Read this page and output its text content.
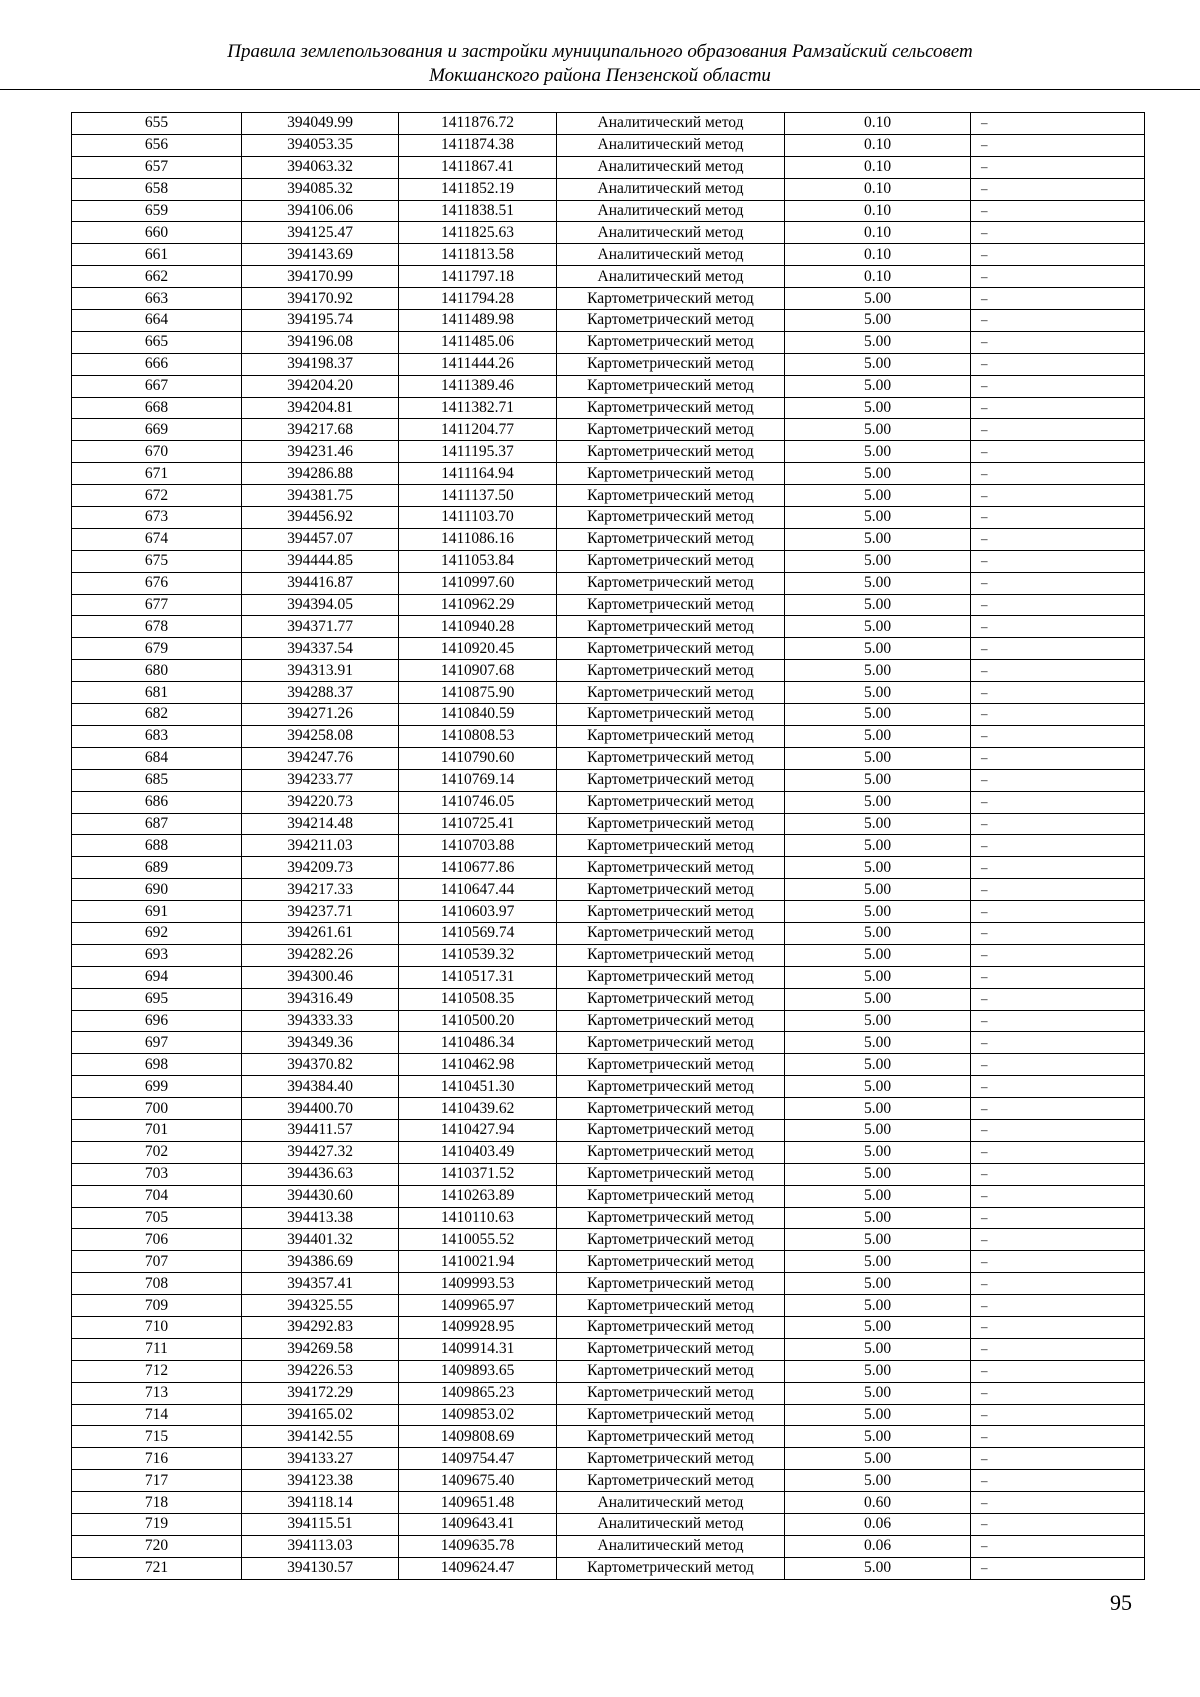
Правила землепользования и застройки муниципального образования Рамзайский сельсовет
Мокшанского района Пензенской области
655	394049.99	1411876.72	Аналитический метод	0.10	–
656	394053.35	1411874.38	Аналитический метод	0.10	–
657	394063.32	1411867.41	Аналитический метод	0.10	–
658	394085.32	1411852.19	Аналитический метод	0.10	–
659	394106.06	1411838.51	Аналитический метод	0.10	–
660	394125.47	1411825.63	Аналитический метод	0.10	–
661	394143.69	1411813.58	Аналитический метод	0.10	–
662	394170.99	1411797.18	Аналитический метод	0.10	–
663	394170.92	1411794.28	Картометрический метод	5.00	–
664	394195.74	1411489.98	Картометрический метод	5.00	–
665	394196.08	1411485.06	Картометрический метод	5.00	–
666	394198.37	1411444.26	Картометрический метод	5.00	–
667	394204.20	1411389.46	Картометрический метод	5.00	–
668	394204.81	1411382.71	Картометрический метод	5.00	–
669	394217.68	1411204.77	Картометрический метод	5.00	–
670	394231.46	1411195.37	Картометрический метод	5.00	–
671	394286.88	1411164.94	Картометрический метод	5.00	–
672	394381.75	1411137.50	Картометрический метод	5.00	–
673	394456.92	1411103.70	Картометрический метод	5.00	–
674	394457.07	1411086.16	Картометрический метод	5.00	–
675	394444.85	1411053.84	Картометрический метод	5.00	–
676	394416.87	1410997.60	Картометрический метод	5.00	–
677	394394.05	1410962.29	Картометрический метод	5.00	–
678	394371.77	1410940.28	Картометрический метод	5.00	–
679	394337.54	1410920.45	Картометрический метод	5.00	–
680	394313.91	1410907.68	Картометрический метод	5.00	–
681	394288.37	1410875.90	Картометрический метод	5.00	–
682	394271.26	1410840.59	Картометрический метод	5.00	–
683	394258.08	1410808.53	Картометрический метод	5.00	–
684	394247.76	1410790.60	Картометрический метод	5.00	–
685	394233.77	1410769.14	Картометрический метод	5.00	–
686	394220.73	1410746.05	Картометрический метод	5.00	–
687	394214.48	1410725.41	Картометрический метод	5.00	–
688	394211.03	1410703.88	Картометрический метод	5.00	–
689	394209.73	1410677.86	Картометрический метод	5.00	–
690	394217.33	1410647.44	Картометрический метод	5.00	–
691	394237.71	1410603.97	Картометрический метод	5.00	–
692	394261.61	1410569.74	Картометрический метод	5.00	–
693	394282.26	1410539.32	Картометрический метод	5.00	–
694	394300.46	1410517.31	Картометрический метод	5.00	–
695	394316.49	1410508.35	Картометрический метод	5.00	–
696	394333.33	1410500.20	Картометрический метод	5.00	–
697	394349.36	1410486.34	Картометрический метод	5.00	–
698	394370.82	1410462.98	Картометрический метод	5.00	–
699	394384.40	1410451.30	Картометрический метод	5.00	–
700	394400.70	1410439.62	Картометрический метод	5.00	–
701	394411.57	1410427.94	Картометрический метод	5.00	–
702	394427.32	1410403.49	Картометрический метод	5.00	–
703	394436.63	1410371.52	Картометрический метод	5.00	–
704	394430.60	1410263.89	Картометрический метод	5.00	–
705	394413.38	1410110.63	Картометрический метод	5.00	–
706	394401.32	1410055.52	Картометрический метод	5.00	–
707	394386.69	1410021.94	Картометрический метод	5.00	–
708	394357.41	1409993.53	Картометрический метод	5.00	–
709	394325.55	1409965.97	Картометрический метод	5.00	–
710	394292.83	1409928.95	Картометрический метод	5.00	–
711	394269.58	1409914.31	Картометрический метод	5.00	–
712	394226.53	1409893.65	Картометрический метод	5.00	–
713	394172.29	1409865.23	Картометрический метод	5.00	–
714	394165.02	1409853.02	Картометрический метод	5.00	–
715	394142.55	1409808.69	Картометрический метод	5.00	–
716	394133.27	1409754.47	Картометрический метод	5.00	–
717	394123.38	1409675.40	Картометрический метод	5.00	–
718	394118.14	1409651.48	Аналитический метод	0.60	–
719	394115.51	1409643.41	Аналитический метод	0.06	–
720	394113.03	1409635.78	Аналитический метод	0.06	–
721	394130.57	1409624.47	Картометрический метод	5.00	–
95
